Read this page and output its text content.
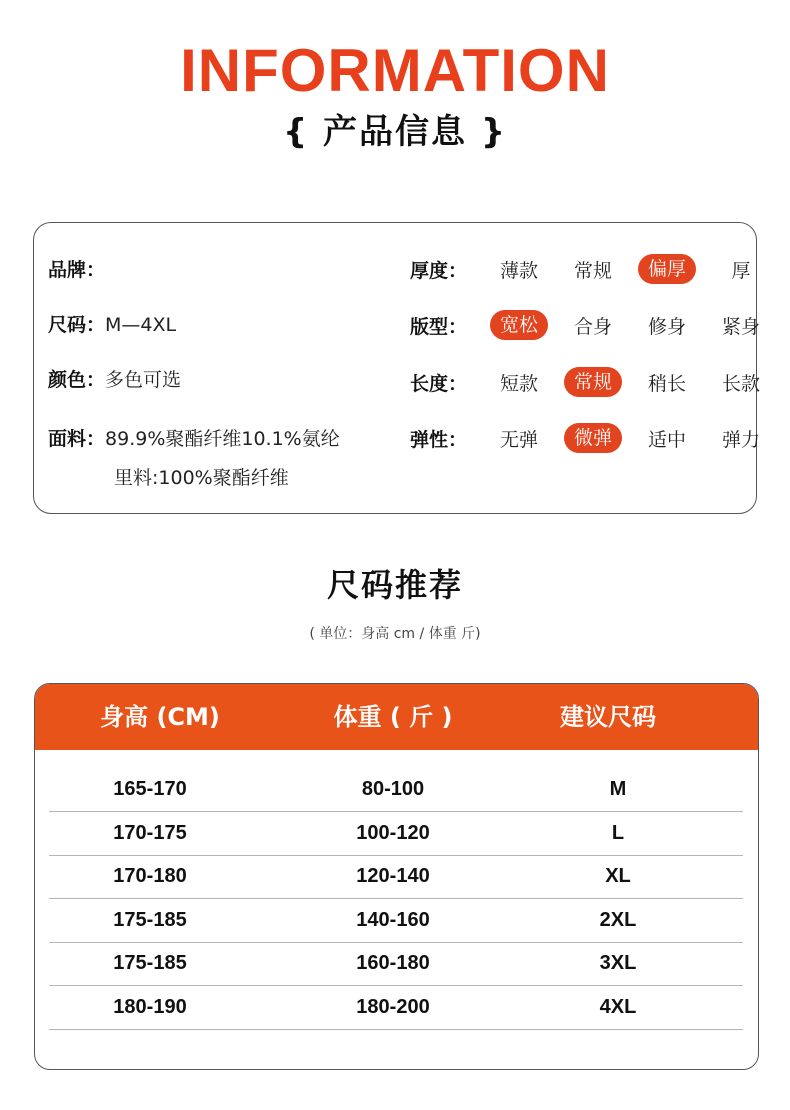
INFORMATION
{ 产品信息 }
品牌：
尺码：M—4XL
颜色：多色可选
面料：89.9%聚酯纤维10.1%氨纶
里料:100%聚酯纤维
厚度：	薄款	常规	偏厚	厚
版型：	宽松	合身	修身	紧身
长度：	短款	常规	稍长	长款
弹性：	无弹	微弹	适中	弹力
尺码推荐
( 单位：身高 cm / 体重 斤)
身高 (CM)	体重 ( 斤 )	建议尺码
165-170	80-100	M
170-175	100-120	L
170-180	120-140	XL
175-185	140-160	2XL
175-185	160-180	3XL
180-190	180-200	4XL
